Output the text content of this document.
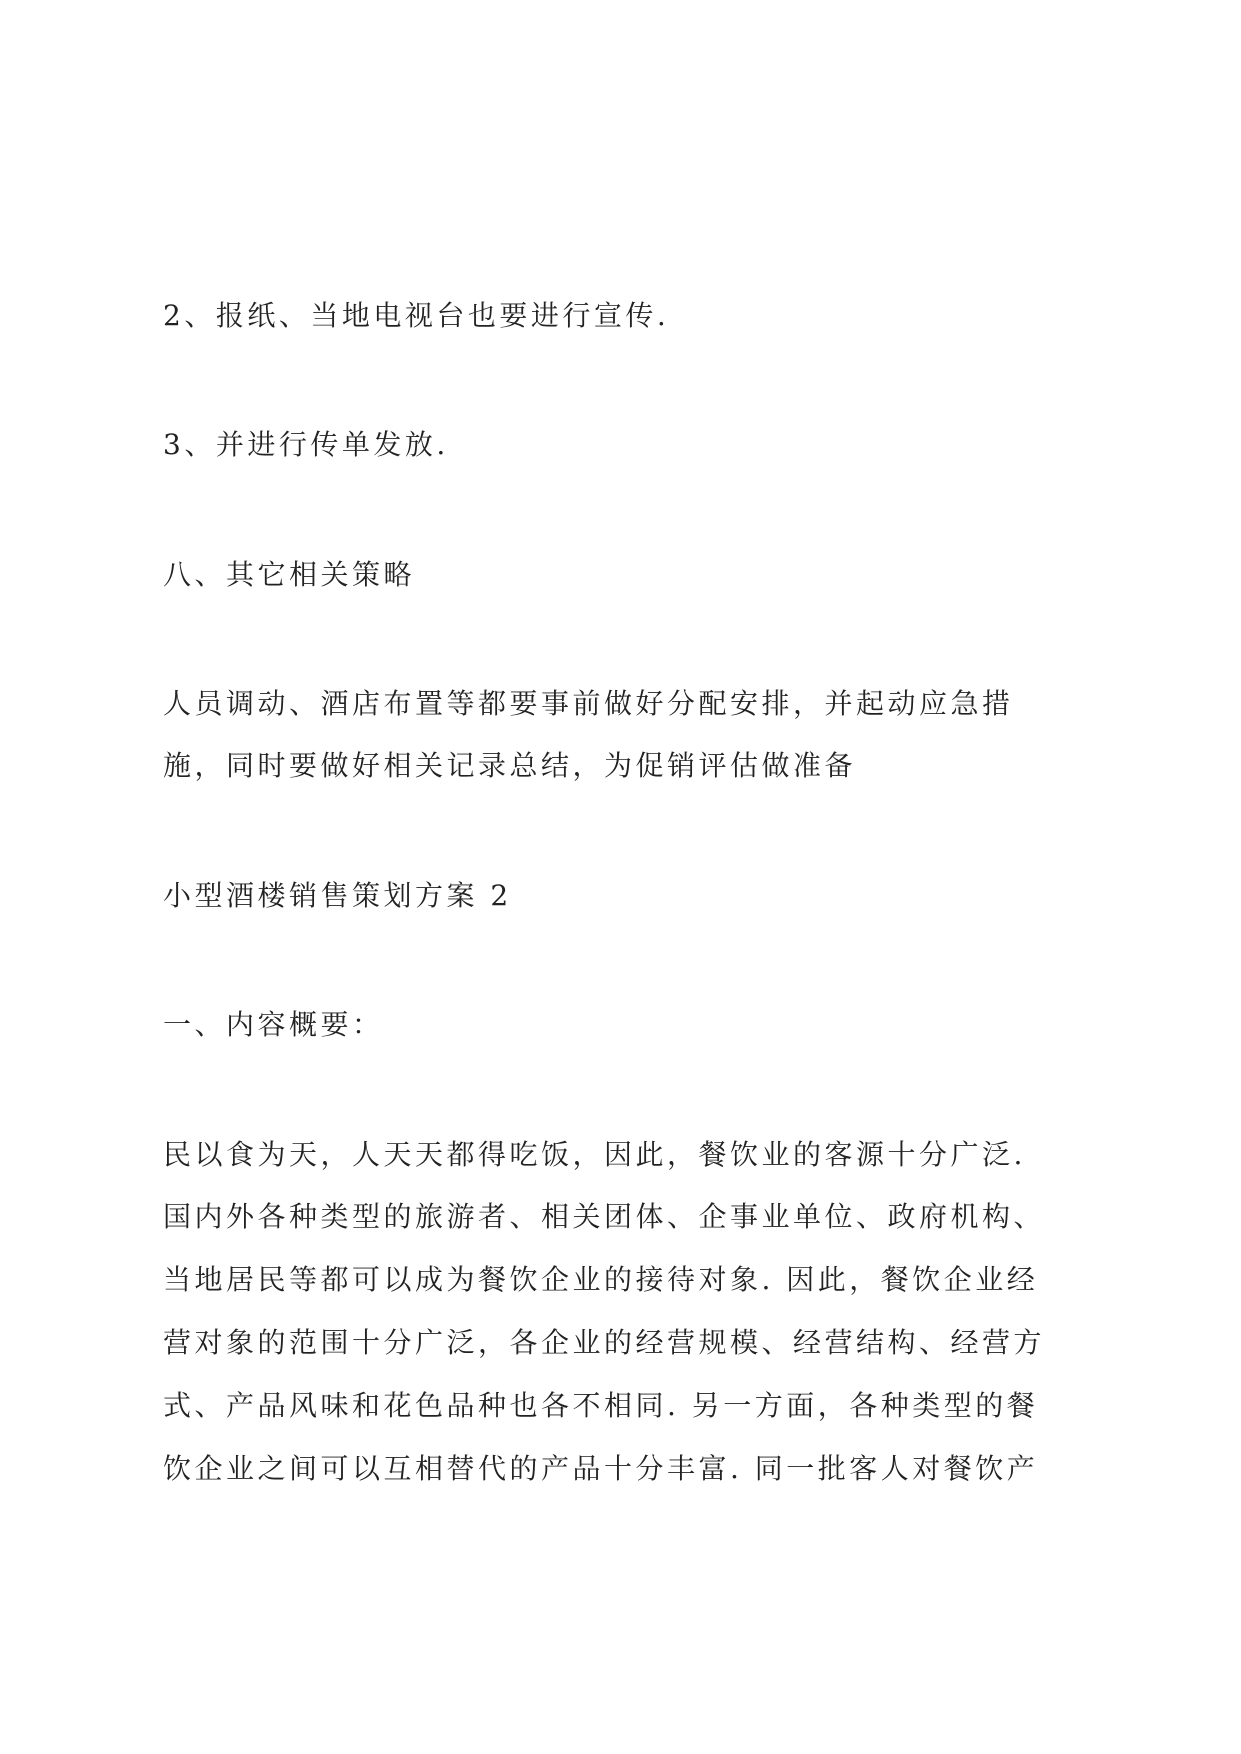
2、报纸、当地电视台也要进行宣传.

3、并进行传单发放.

八、其它相关策略

人员调动、酒店布置等都要事前做好分配安排，并起动应急措

施，同时要做好相关记录总结，为促销评估做准备

小型酒楼销售策划方案 2

一、内容概要：

民以食为天，人天天都得吃饭，因此，餐饮业的客源十分广泛.

国内外各种类型的旅游者、相关团体、企事业单位、政府机构、

当地居民等都可以成为餐饮企业的接待对象. 因此，餐饮企业经

营对象的范围十分广泛，各企业的经营规模、经营结构、经营方

式、产品风味和花色品种也各不相同. 另一方面，各种类型的餐

饮企业之间可以互相替代的产品十分丰富. 同一批客人对餐饮产
